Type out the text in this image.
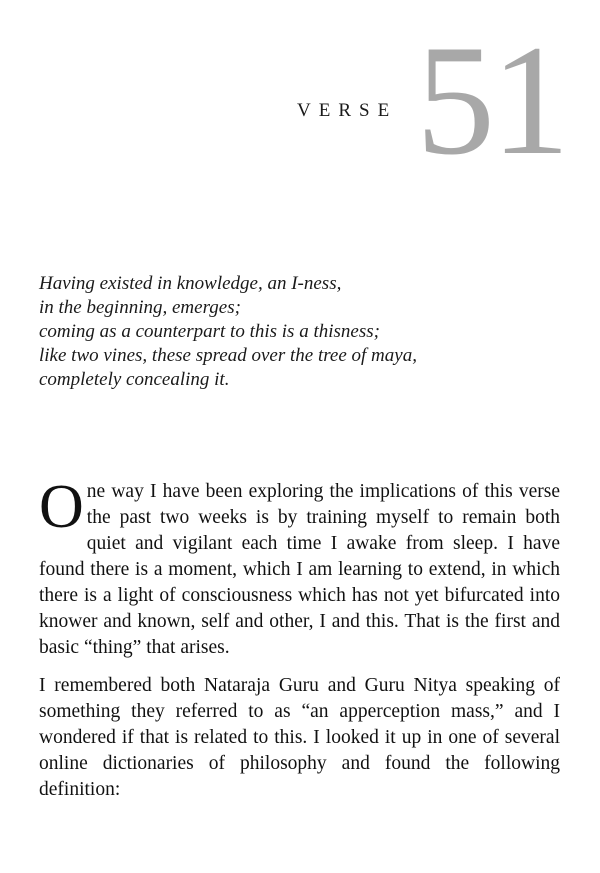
VERSE 51
Having existed in knowledge, an I-ness,
in the beginning, emerges;
coming as a counterpart to this is a thisness;
like two vines, these spread over the tree of maya,
completely concealing it.

One way I have been exploring the implications of this verse the past two weeks is by training myself to remain both quiet and vigilant each time I awake from sleep. I have found there is a moment, which I am learning to extend, in which there is a light of consciousness which has not yet bifurcated into knower and known, self and other, I and this. That is the first and basic “thing” that arises.

I remembered both Nataraja Guru and Guru Nitya speaking of something they referred to as “an apperception mass,” and I wondered if that is related to this. I looked it up in one of several online dictionaries of philosophy and found the following definition:
